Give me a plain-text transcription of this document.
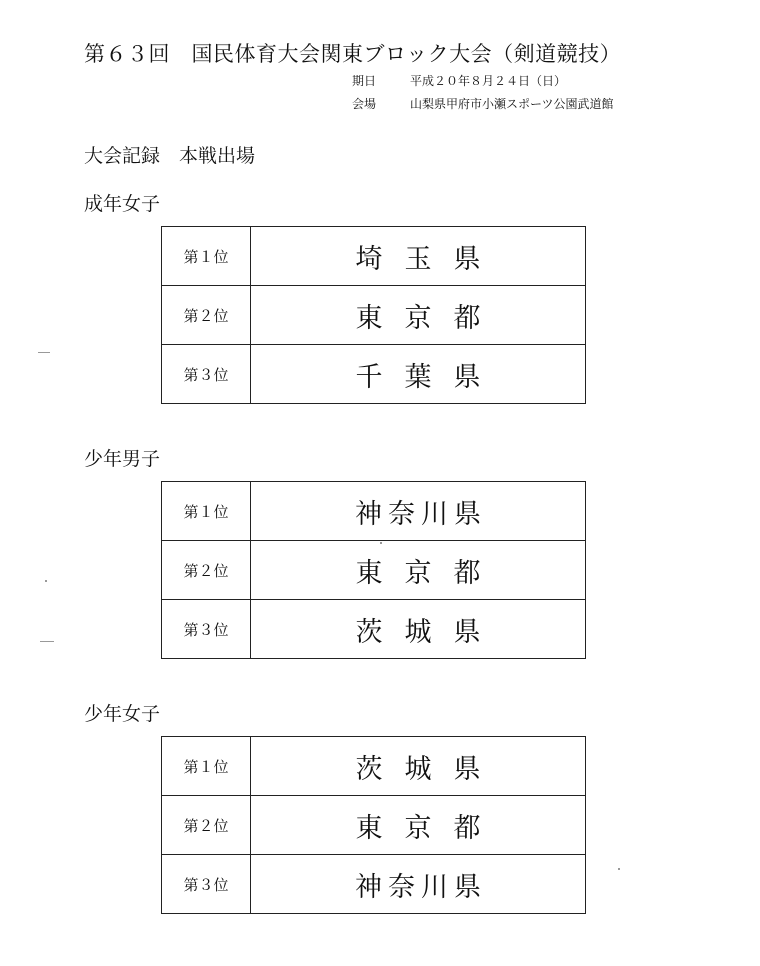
第６３回　国民体育大会関東ブロック大会（剣道競技）
期日	平成２０年８月２４日（日）
会場	山梨県甲府市小瀬スポーツ公園武道館
大会記録　本戦出場
成年女子
第１位	埼玉県
第２位	東京都
第３位	千葉県
少年男子
第１位	神奈川県
第２位	東京都
第３位	茨城県
少年女子
第１位	茨城県
第２位	東京都
第３位	神奈川県
